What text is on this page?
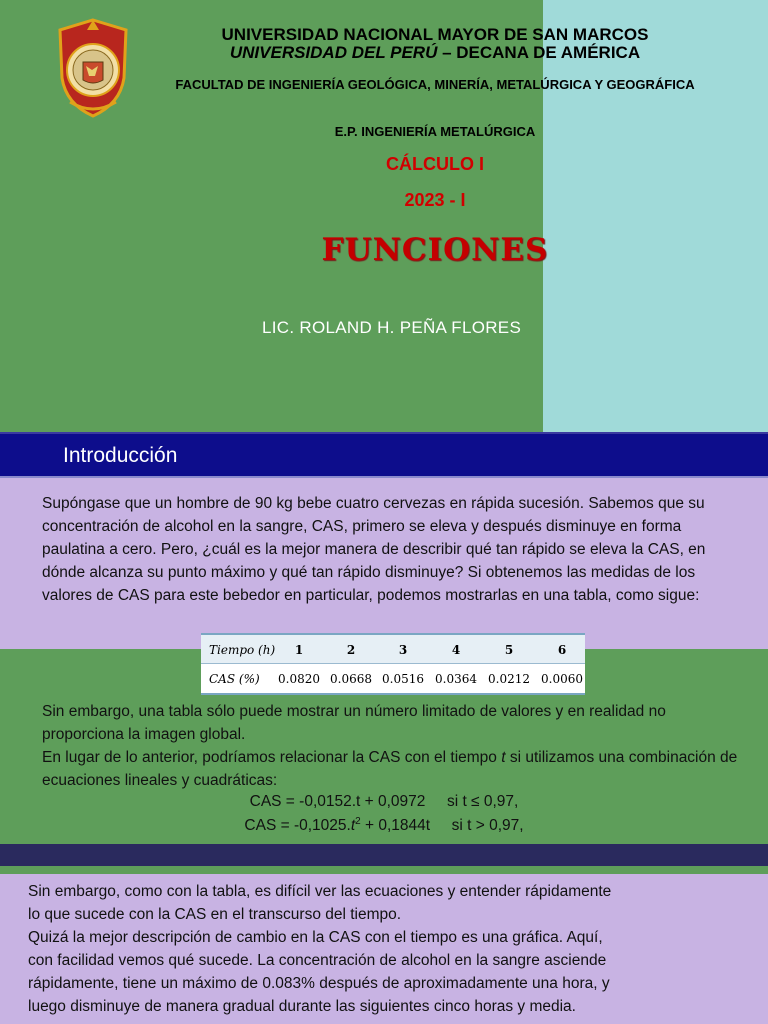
UNIVERSIDAD NACIONAL MAYOR DE SAN MARCOS
UNIVERSIDAD DEL PERÚ – DECANA DE AMÉRICA
FACULTAD DE INGENIERÍA GEOLÓGICA, MINERÍA, METALÚRGICA Y GEOGRÁFICA
E.P. INGENIERÍA METALÚRGICA
CÁLCULO I
2023 - I
FUNCIONES
LIC. ROLAND H. PEÑA FLORES
Introducción
Supóngase que un hombre de 90 kg bebe cuatro cervezas en rápida sucesión. Sabemos que su concentración de alcohol en la sangre, CAS, primero se eleva y después disminuye en forma paulatina a cero. Pero, ¿cuál es la mejor manera de describir qué tan rápido se eleva la CAS, en dónde alcanza su punto máximo y qué tan rápido disminuye? Si obtenemos las medidas de los valores de CAS para este bebedor en particular, podemos mostrarlas en una tabla, como sigue:
Tiempo (h)	1	2	3	4	5	6
CAS (%) 0.0820 0.0668 0.0516 0.0364 0.0212 0.0060
Sin embargo, una tabla sólo puede mostrar un número limitado de valores y en realidad no proporciona la imagen global.
En lugar de lo anterior, podríamos relacionar la CAS con el tiempo t si utilizamos una combinación de ecuaciones lineales y cuadráticas:
CAS = -0,0152.t + 0,0972     si t ≤ 0,97,
CAS = $-0,1025.t^2 + 0,1844t$     si t > 0,97,
Sin embargo, como con la tabla, es difícil ver las ecuaciones y entender rápidamente
lo que sucede con la CAS en el transcurso del tiempo.
Quizá la mejor descripción de cambio en la CAS con el tiempo es una gráfica. Aquí,
con facilidad vemos qué sucede. La concentración de alcohol en la sangre asciende
rápidamente, tiene un máximo de 0.083% después de aproximadamente una hora, y
luego disminuye de manera gradual durante las siguientes cinco horas y media.
